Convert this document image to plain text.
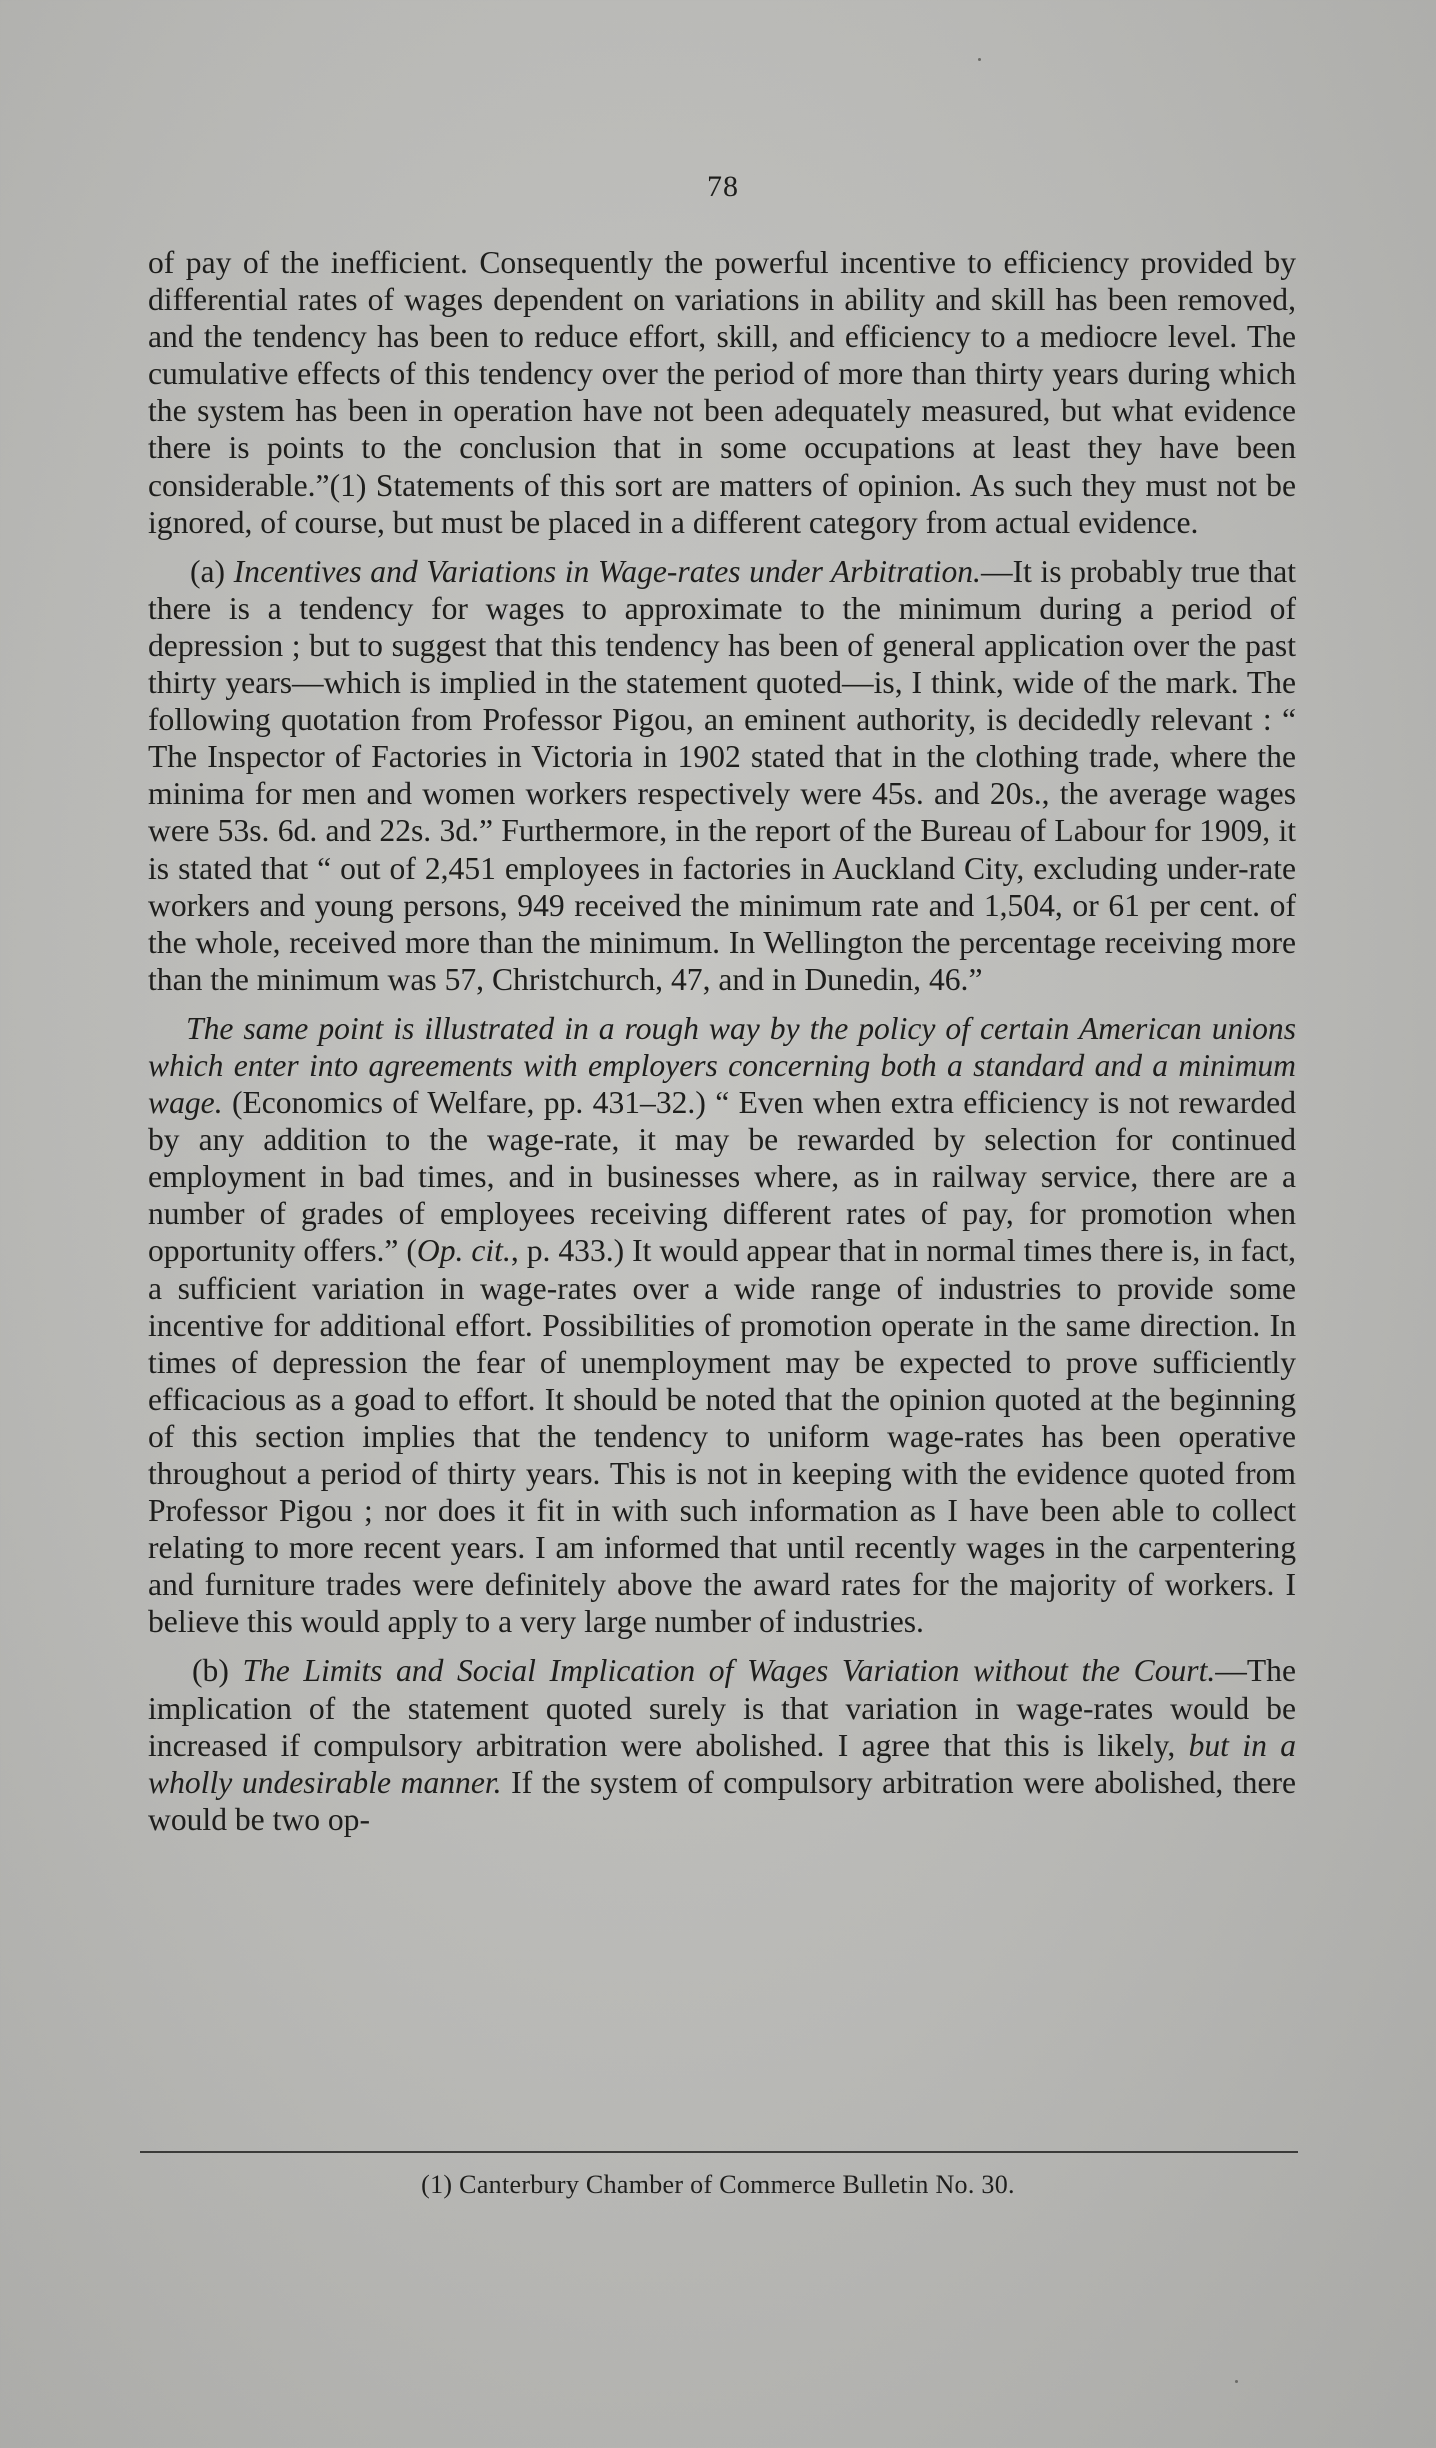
78

of pay of the inefficient. Consequently the powerful incentive to efficiency provided by differential rates of wages dependent on variations in ability and skill has been removed, and the tendency has been to reduce effort, skill, and efficiency to a mediocre level. The cumulative effects of this tendency over the period of more than thirty years during which the system has been in operation have not been adequately measured, but what evidence there is points to the conclusion that in some occupations at least they have been considerable.”(1) Statements of this sort are matters of opinion. As such they must not be ignored, of course, but must be placed in a different category from actual evidence.

(a) Incentives and Variations in Wage-rates under Arbitration.—It is probably true that there is a tendency for wages to approximate to the minimum during a period of depression ; but to suggest that this tendency has been of general application over the past thirty years—which is implied in the statement quoted—is, I think, wide of the mark. The following quotation from Professor Pigou, an eminent authority, is decidedly relevant : “ The Inspector of Factories in Victoria in 1902 stated that in the clothing trade, where the minima for men and women workers respectively were 45s. and 20s., the average wages were 53s. 6d. and 22s. 3d.” Furthermore, in the report of the Bureau of Labour for 1909, it is stated that “ out of 2,451 employees in factories in Auckland City, excluding under-rate workers and young persons, 949 received the minimum rate and 1,504, or 61 per cent. of the whole, received more than the minimum. In Wellington the percentage receiving more than the minimum was 57, Christchurch, 47, and in Dunedin, 46.”

The same point is illustrated in a rough way by the policy of certain American unions which enter into agreements with employers concerning both a standard and a minimum wage. (Economics of Welfare, pp. 431–32.) “ Even when extra efficiency is not rewarded by any addition to the wage-rate, it may be rewarded by selection for continued employment in bad times, and in businesses where, as in railway service, there are a number of grades of employees receiving different rates of pay, for promotion when opportunity offers.” (Op. cit., p. 433.) It would appear that in normal times there is, in fact, a sufficient variation in wage-rates over a wide range of industries to provide some incentive for additional effort. Possibilities of promotion operate in the same direction. In times of depression the fear of unemployment may be expected to prove sufficiently efficacious as a goad to effort. It should be noted that the opinion quoted at the beginning of this section implies that the tendency to uniform wage-rates has been operative throughout a period of thirty years. This is not in keeping with the evidence quoted from Professor Pigou ; nor does it fit in with such information as I have been able to collect relating to more recent years. I am informed that until recently wages in the carpentering and furniture trades were definitely above the award rates for the majority of workers. I believe this would apply to a very large number of industries.

(b) The Limits and Social Implication of Wages Variation without the Court.—The implication of the statement quoted surely is that variation in wage-rates would be increased if compulsory arbitration were abolished. I agree that this is likely, but in a wholly undesirable manner. If the system of compulsory arbitration were abolished, there would be two op-

(1) Canterbury Chamber of Commerce Bulletin No. 30.
